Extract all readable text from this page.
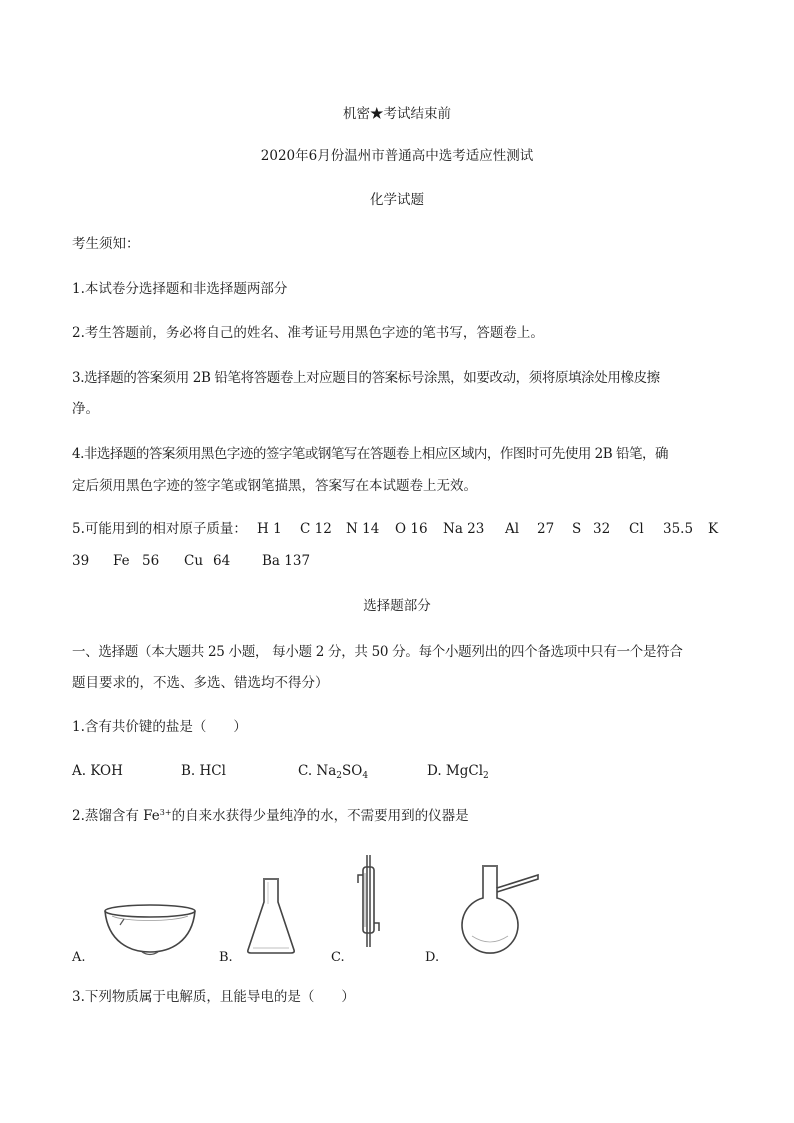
机密★考试结束前
2020年6月份温州市普通高中选考适应性测试
化学试题
考生须知：
1.本试卷分选择题和非选择题两部分
2.考生答题前，务必将自己的姓名、准考证号用黑色字迹的笔书写，答题卷上。
3.选择题的答案须用 2B 铅笔将答题卷上对应题目的答案标号涂黑，如要改动，须将原填涂处用橡皮擦
净。
4.非选择题的答案须用黑色字迹的签字笔或钢笔写在答题卷上相应区域内，作图时可先使用 2B 铅笔，确
定后须用黑色字迹的签字笔或钢笔描黑，答案写在本试题卷上无效。
5.可能用到的相对原子质量： H 1 C 12 N 14 O 16 Na 23 Al 27 S 32 Cl 35.5 K
39 Fe 56 Cu 64 Ba 137
选择题部分
一、选择题（本大题共 25 小题， 每小题 2 分，共 50 分。每个小题列出的四个备选项中只有一个是符合
题目要求的，不选、多选、错选均不得分）
1.含有共价键的盐是（　　）
A. KOH	B. HCl	C. $Na_2SO_4$	D. MgCl$_2$
2.蒸馏含有 $Fe^{3+}$的自来水获得少量纯净的水，不需要用到的仪器是
A.	B.	C.	D.
3.下列物质属于电解质，且能导电的是（　　）
